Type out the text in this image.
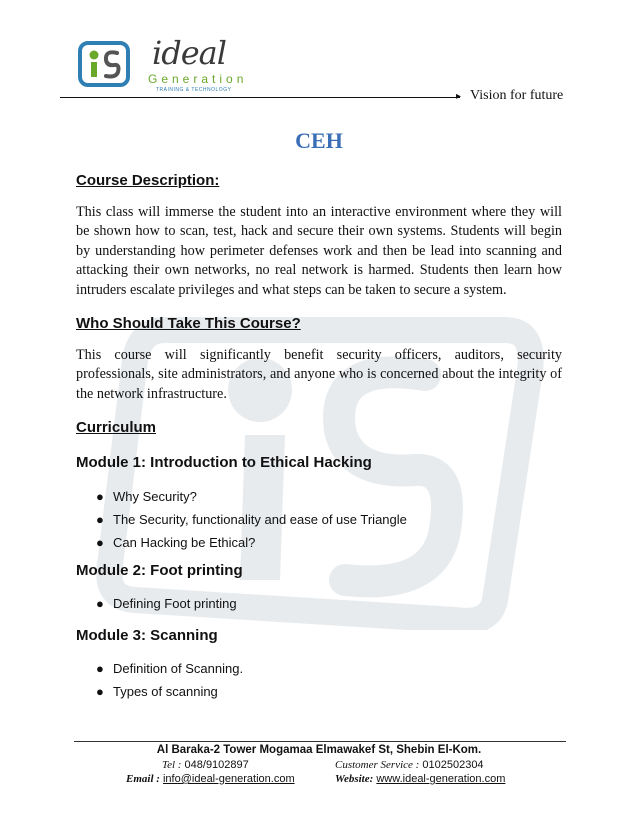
ideal
Generation
TRAINING & TECHNOLOGY
▸ Vision for future
CEH
Course Description:

This class will immerse the student into an interactive environment where they will be shown how to scan, test, hack and secure their own systems. Students will begin by understanding how perimeter defenses work and then be lead into scanning and attacking their own networks, no real network is harmed. Students then learn how intruders escalate privileges and what steps can be taken to secure a system.

Who Should Take This Course?

This course will significantly benefit security officers, auditors, security professionals, site administrators, and anyone who is concerned about the integrity of the network infrastructure.

Curriculum
Module 1: Introduction to Ethical Hacking
● Why Security?
● The Security, functionality and ease of use Triangle
● Can Hacking be Ethical?
Module 2: Foot printing
● Defining Foot printing
Module 3: Scanning
● Definition of Scanning.
● Types of scanning
Al Baraka-2 Tower Mogamaa Elmawakef St, Shebin El-Kom.
Tel : 048/9102897	Customer Service : 0102502304
Email : info@ideal-generation.com	Website: www.ideal-generation.com
